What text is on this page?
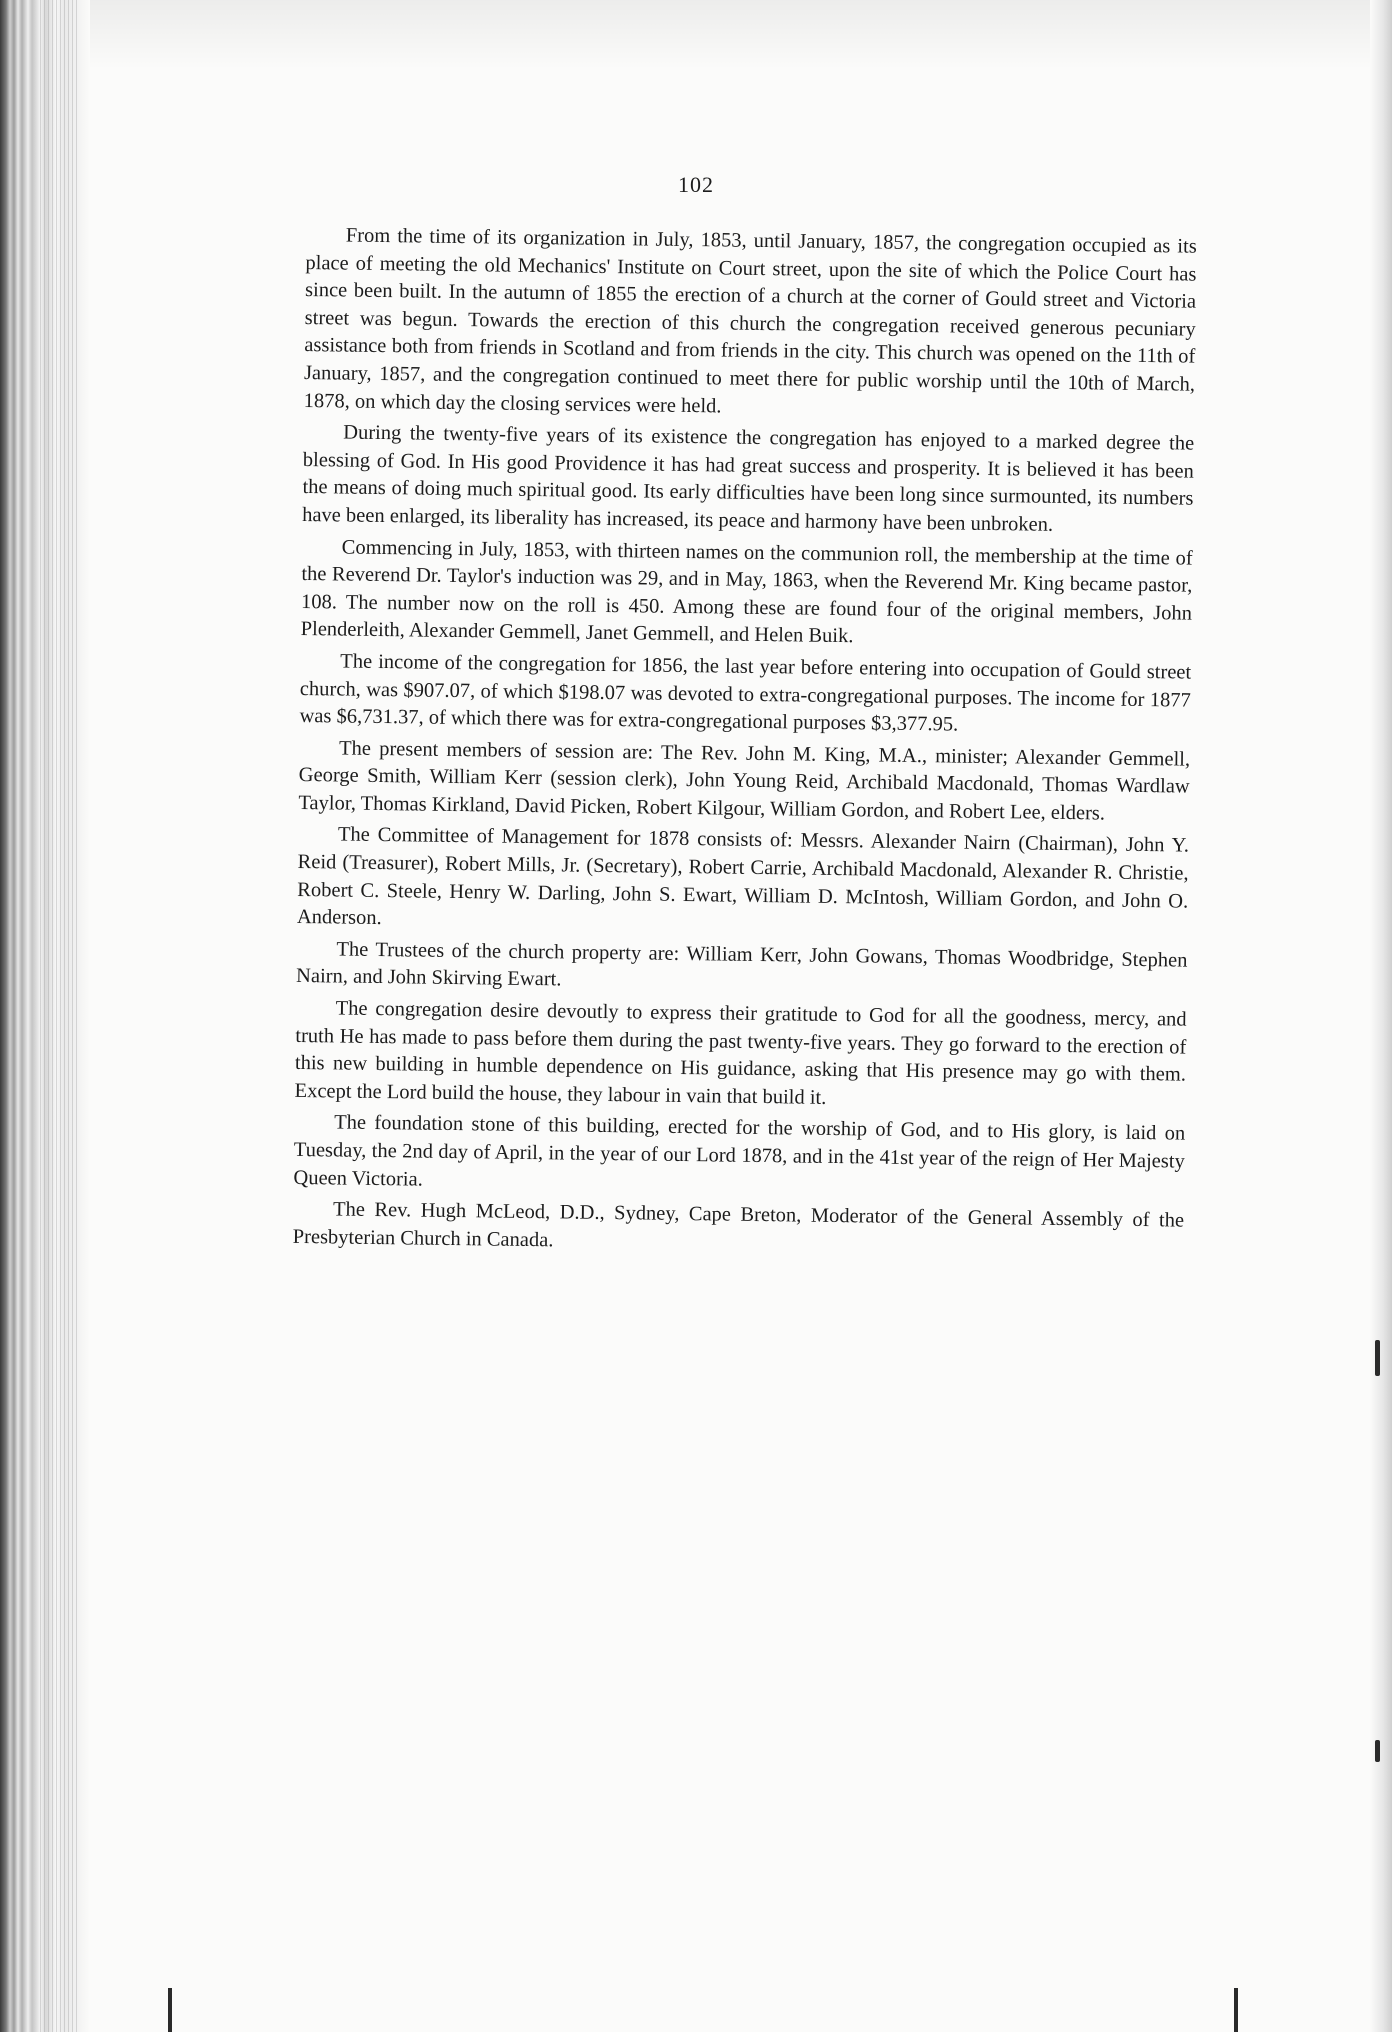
102

From the time of its organization in July, 1853, until January, 1857, the congregation occupied as its place of meeting the old Mechanics' Institute on Court street, upon the site of which the Police Court has since been built. In the autumn of 1855 the erection of a church at the corner of Gould street and Victoria street was begun. Towards the erection of this church the congregation received generous pecuniary assistance both from friends in Scotland and from friends in the city. This church was opened on the 11th of January, 1857, and the congregation continued to meet there for public worship until the 10th of March, 1878, on which day the closing services were held.

During the twenty-five years of its existence the congregation has enjoyed to a marked degree the blessing of God. In His good Providence it has had great success and prosperity. It is believed it has been the means of doing much spiritual good. Its early difficulties have been long since surmounted, its numbers have been enlarged, its liberality has increased, its peace and harmony have been unbroken.

Commencing in July, 1853, with thirteen names on the communion roll, the membership at the time of the Reverend Dr. Taylor's induction was 29, and in May, 1863, when the Reverend Mr. King became pastor, 108. The number now on the roll is 450. Among these are found four of the original members, John Plenderleith, Alexander Gemmell, Janet Gemmell, and Helen Buik.

The income of the congregation for 1856, the last year before entering into occupation of Gould street church, was $907.07, of which $198.07 was devoted to extra-congregational purposes. The income for 1877 was $6,731.37, of which there was for extra-congregational purposes $3,377.95.

The present members of session are: The Rev. John M. King, M.A., minister; Alexander Gemmell, George Smith, William Kerr (session clerk), John Young Reid, Archibald Macdonald, Thomas Wardlaw Taylor, Thomas Kirkland, David Picken, Robert Kilgour, William Gordon, and Robert Lee, elders.

The Committee of Management for 1878 consists of: Messrs. Alexander Nairn (Chairman), John Y. Reid (Treasurer), Robert Mills, Jr. (Secretary), Robert Carrie, Archibald Macdonald, Alexander R. Christie, Robert C. Steele, Henry W. Darling, John S. Ewart, William D. McIntosh, William Gordon, and John O. Anderson.

The Trustees of the church property are: William Kerr, John Gowans, Thomas Woodbridge, Stephen Nairn, and John Skirving Ewart.

The congregation desire devoutly to express their gratitude to God for all the goodness, mercy, and truth He has made to pass before them during the past twenty-five years. They go forward to the erection of this new building in humble dependence on His guidance, asking that His presence may go with them. Except the Lord build the house, they labour in vain that build it.

The foundation stone of this building, erected for the worship of God, and to His glory, is laid on Tuesday, the 2nd day of April, in the year of our Lord 1878, and in the 41st year of the reign of Her Majesty Queen Victoria.

The Rev. Hugh McLeod, D.D., Sydney, Cape Breton, Moderator of the General Assembly of the Presbyterian Church in Canada.
